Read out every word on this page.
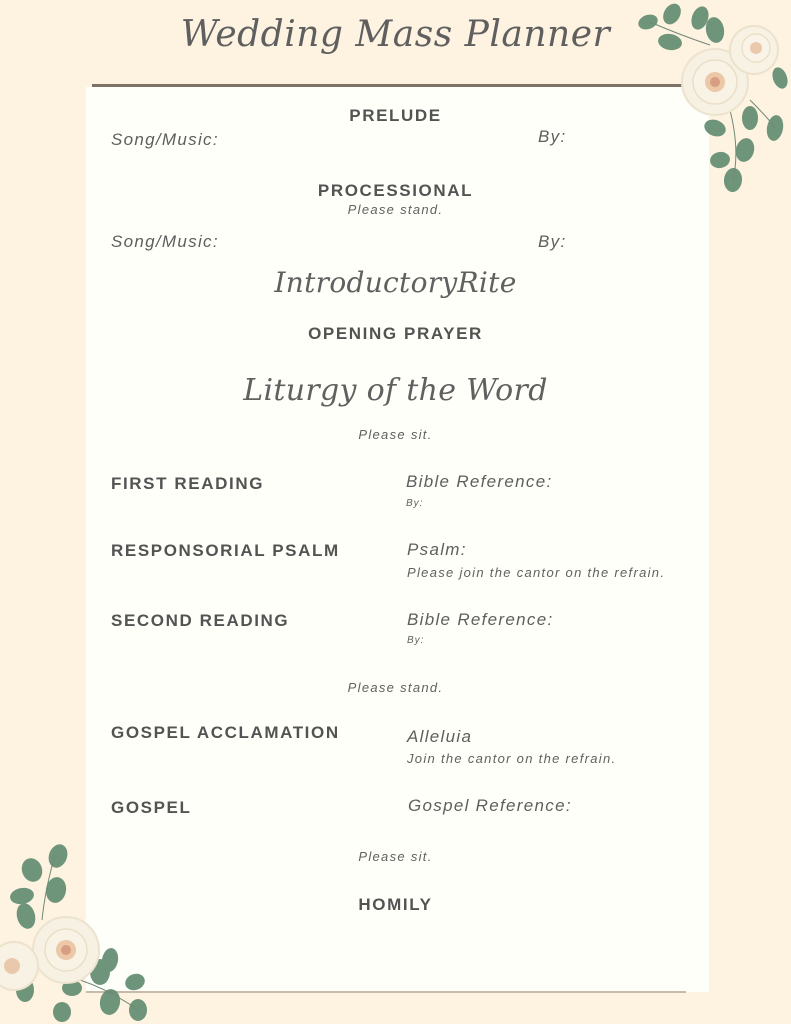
Wedding Mass Planner
PRELUDE
Song/Music:	By:
PROCESSIONAL
Please stand.
Song/Music:	By:
IntroductoryRite
OPENING PRAYER
Liturgy of the Word
Please sit.
FIRST READING	Bible Reference:
By:
RESPONSORIAL PSALM	Psalm:
Please join the cantor on the refrain.
SECOND READING	Bible Reference:
By:
Please stand.
GOSPEL ACCLAMATION	Alleluia
Join the cantor on the refrain.
GOSPEL	Gospel Reference:
Please sit.
HOMILY
